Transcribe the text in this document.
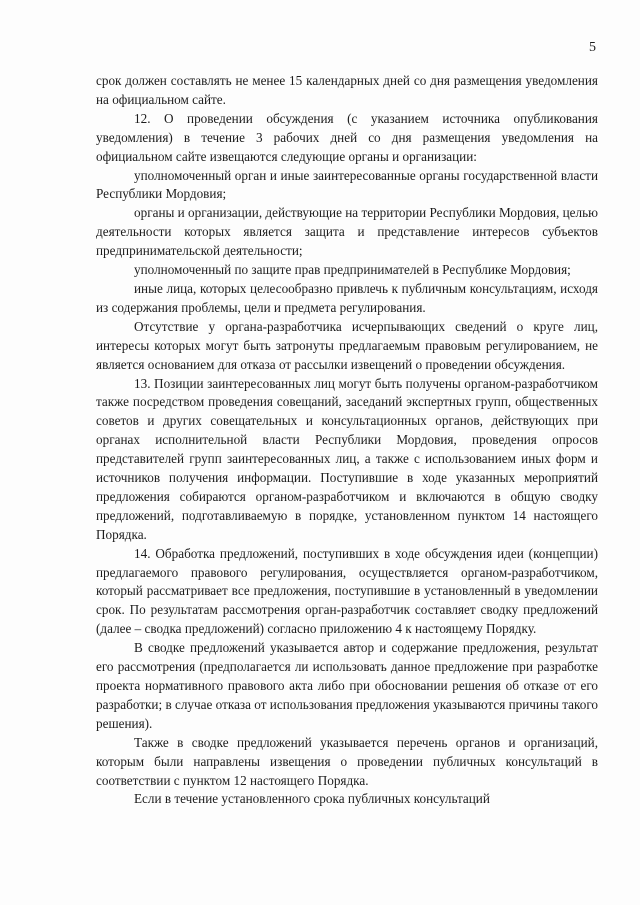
5

срок должен составлять не менее 15 календарных дней со дня размещения уведомления на официальном сайте.

12. О проведении обсуждения (с указанием источника опубликования уведомления) в течение 3 рабочих дней со дня размещения уведомления на официальном сайте извещаются следующие органы и организации:

уполномоченный орган и иные заинтересованные органы государственной власти Республики Мордовия;

органы и организации, действующие на территории Республики Мордовия, целью деятельности которых является защита и представление интересов субъектов предпринимательской деятельности;

уполномоченный по защите прав предпринимателей в Республике Мордовия;

иные лица, которых целесообразно привлечь к публичным консультациям, исходя из содержания проблемы, цели и предмета регулирования.

Отсутствие у органа-разработчика исчерпывающих сведений о круге лиц, интересы которых могут быть затронуты предлагаемым правовым регулированием, не является основанием для отказа от рассылки извещений о проведении обсуждения.

13. Позиции заинтересованных лиц могут быть получены органом-разработчиком также посредством проведения совещаний, заседаний экспертных групп, общественных советов и других совещательных и консультационных органов, действующих при органах исполнительной власти Республики Мордовия, проведения опросов представителей групп заинтересованных лиц, а также с использованием иных форм и источников получения информации. Поступившие в ходе указанных мероприятий предложения собираются органом-разработчиком и включаются в общую сводку предложений, подготавливаемую в порядке, установленном пунктом 14 настоящего Порядка.

14. Обработка предложений, поступивших в ходе обсуждения идеи (концепции) предлагаемого правового регулирования, осуществляется органом-разработчиком, который рассматривает все предложения, поступившие в установленный в уведомлении срок. По результатам рассмотрения орган-разработчик составляет сводку предложений (далее – сводка предложений) согласно приложению 4 к настоящему Порядку.

В сводке предложений указывается автор и содержание предложения, результат его рассмотрения (предполагается ли использовать данное предложение при разработке проекта нормативного правового акта либо при обосновании решения об отказе от его разработки; в случае отказа от использования предложения указываются причины такого решения).

Также в сводке предложений указывается перечень органов и организаций, которым были направлены извещения о проведении публичных консультаций в соответствии с пунктом 12 настоящего Порядка.

Если в течение установленного срока публичных консультаций
